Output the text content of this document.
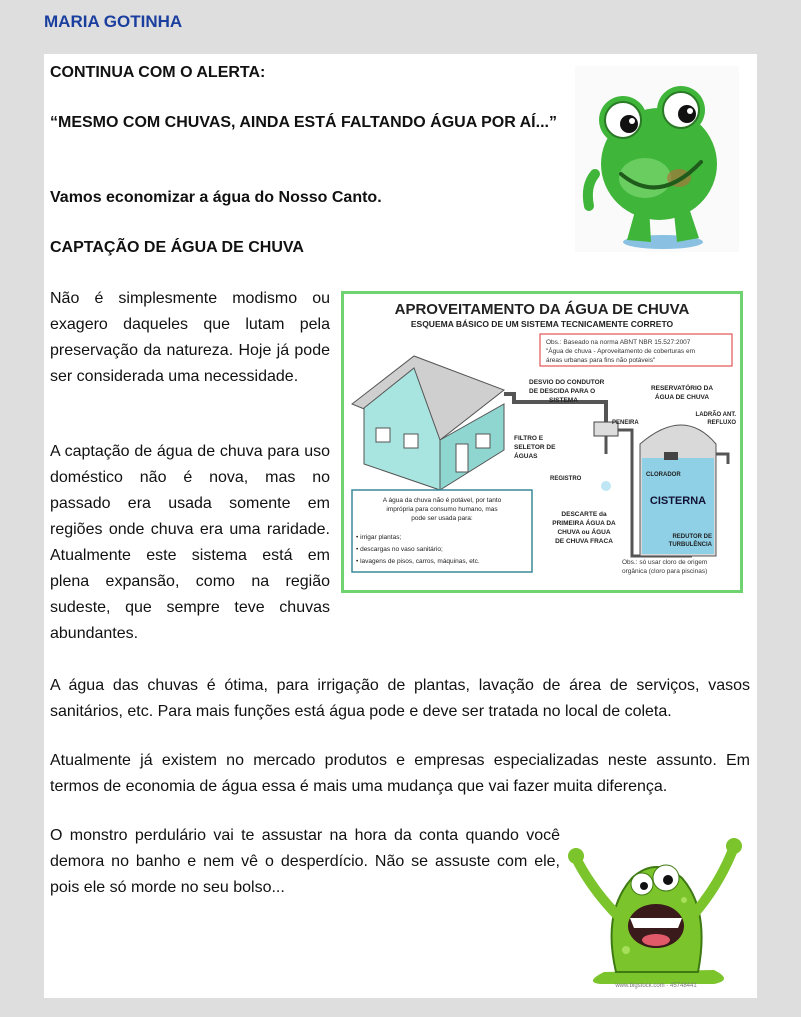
MARIA GOTINHA
CONTINUA COM O ALERTA:
“MESMO COM CHUVAS, AINDA ESTÁ FALTANDO ÁGUA POR AÍ...”
Vamos economizar a água do Nosso Canto.
CAPTAÇÃO DE ÁGUA DE CHUVA
Não é simplesmente modismo ou exagero daqueles que lutam pela preservação da natureza. Hoje já pode ser considerada uma necessidade.
A captação de água de chuva para uso doméstico não é nova, mas no passado era usada somente em regiões onde chuva era uma raridade. Atualmente este sistema está em plena expansão, como na região sudeste, que sempre teve chuvas abundantes.
APROVEITAMENTO DA ÁGUA DE CHUVA
ESQUEMA BÁSICO DE UM SISTEMA TECNICAMENTE CORRETO
Obs.: Baseado na norma ABNT NBR 15.527:2007
"Água de chuva - Aproveitamento de coberturas em
áreas urbanas para fins não potáveis"
DESVIO DO CONDUTOR
DE DESCIDA PARA O
SISTEMA
RESERVATÓRIO DA
ÁGUA DE CHUVA
PENEIRA
LADRÃO ANT.
REFLUXO
FILTRO E
SELETOR DE
ÁGUAS
CLORADOR
REGISTRO
CISTERNA
DESCARTE da
PRIMEIRA ÁGUA DA
CHUVA ou ÁGUA
DE CHUVA FRACA
REDUTOR DE
TURBULÊNCIA
A água da chuva não é potável, por tanto
imprópria para consumo humano, mas
pode ser usada para:
• irrigar plantas;
• descargas no vaso sanitário;
• lavagens de pisos, carros, máquinas, etc.	Obs.: só usar cloro de origem
orgânica (cloro para piscinas)
A água das chuvas é ótima, para irrigação de plantas, lavação de área de serviços, vasos sanitários, etc. Para mais funções está água pode e deve ser tratada no local de coleta.
Atualmente já existem no mercado produtos e empresas especializadas neste assunto. Em termos de economia de água essa é mais uma mudança que vai fazer muita diferença.
O monstro perdulário vai te assustar na hora da conta quando você demora no banho e nem vê o desperdício. Não se assuste com ele, pois ele só morde no seu bolso...
www.bigstock.com · 45748441
